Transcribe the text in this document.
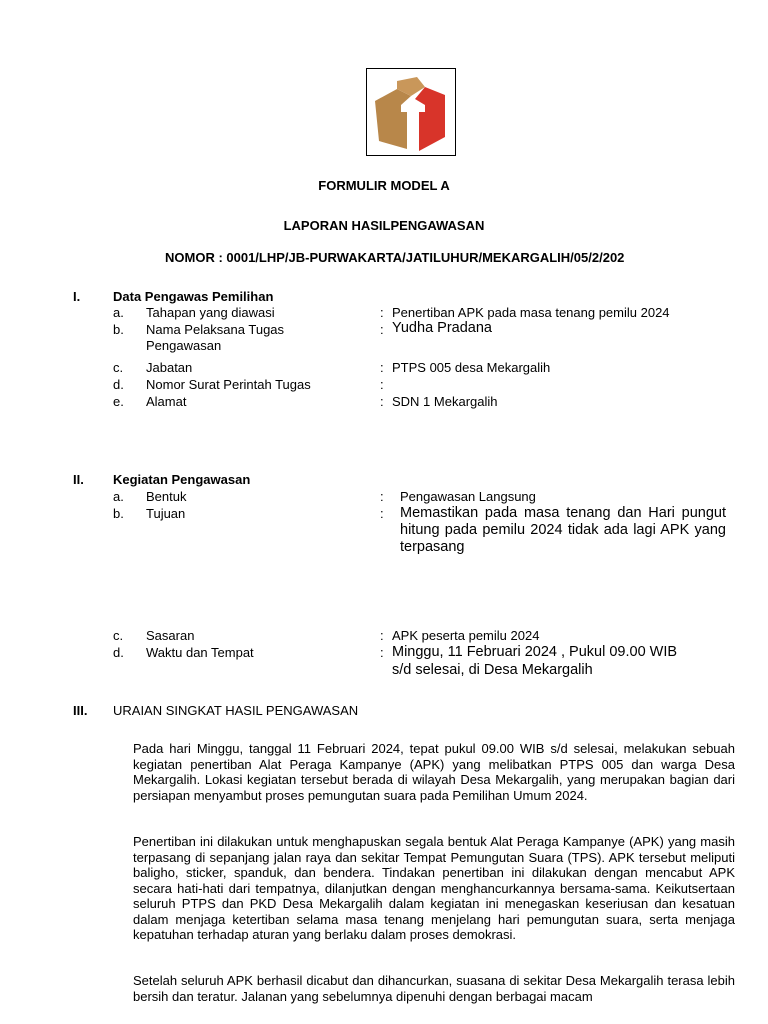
FORMULIR MODEL A
LAPORAN HASILPENGAWASAN
NOMOR : 0001/LHP/JB-PURWAKARTA/JATILUHUR/MEKARGALIH/05/2/202
I.	Data Pengawas Pemilihan
a. Tahapan yang diawasi	: Penertiban APK pada masa tenang pemilu 2024
b. Nama Pelaksana Tugas
Pengawasan
: Yudha Pradana
c. Jabatan	: PTPS 005 desa Mekargalih
d. Nomor Surat Perintah Tugas	:
e. Alamat	: SDN 1 Mekargalih
II. Kegiatan Pengawasan
a. Bentuk	: Pengawasan Langsung
b. Tujuan	: Memastikan pada masa tenang dan Hari pungut hitung pada pemilu 2024 tidak ada lagi APK yang terpasang
c. Sasaran	: APK peserta pemilu 2024
d. Waktu dan Tempat	: Minggu, 11 Februari 2024 , Pukul 09.00 WIB
s/d selesai, di Desa Mekargalih
III. URAIAN SINGKAT HASIL PENGAWASAN
Pada hari Minggu, tanggal 11 Februari 2024, tepat pukul 09.00 WIB s/d selesai, melakukan sebuah kegiatan penertiban Alat Peraga Kampanye (APK) yang melibatkan PTPS 005 dan warga Desa Mekargalih. Lokasi kegiatan tersebut berada di wilayah Desa Mekargalih, yang merupakan bagian dari persiapan menyambut proses pemungutan suara pada Pemilihan Umum 2024.
Penertiban ini dilakukan untuk menghapuskan segala bentuk Alat Peraga Kampanye (APK) yang masih terpasang di sepanjang jalan raya dan sekitar Tempat Pemungutan Suara (TPS). APK tersebut meliputi baligho, sticker, spanduk, dan bendera. Tindakan penertiban ini dilakukan dengan mencabut APK secara hati-hati dari tempatnya, dilanjutkan dengan menghancurkannya bersama-sama. Keikutsertaan seluruh PTPS dan PKD Desa Mekargalih dalam kegiatan ini menegaskan keseriusan dan kesatuan dalam menjaga ketertiban selama masa tenang menjelang hari pemungutan suara, serta menjaga kepatuhan terhadap aturan yang berlaku dalam proses demokrasi.
Setelah seluruh APK berhasil dicabut dan dihancurkan, suasana di sekitar Desa Mekargalih terasa lebih bersih dan teratur. Jalanan yang sebelumnya dipenuhi dengan berbagai macam
